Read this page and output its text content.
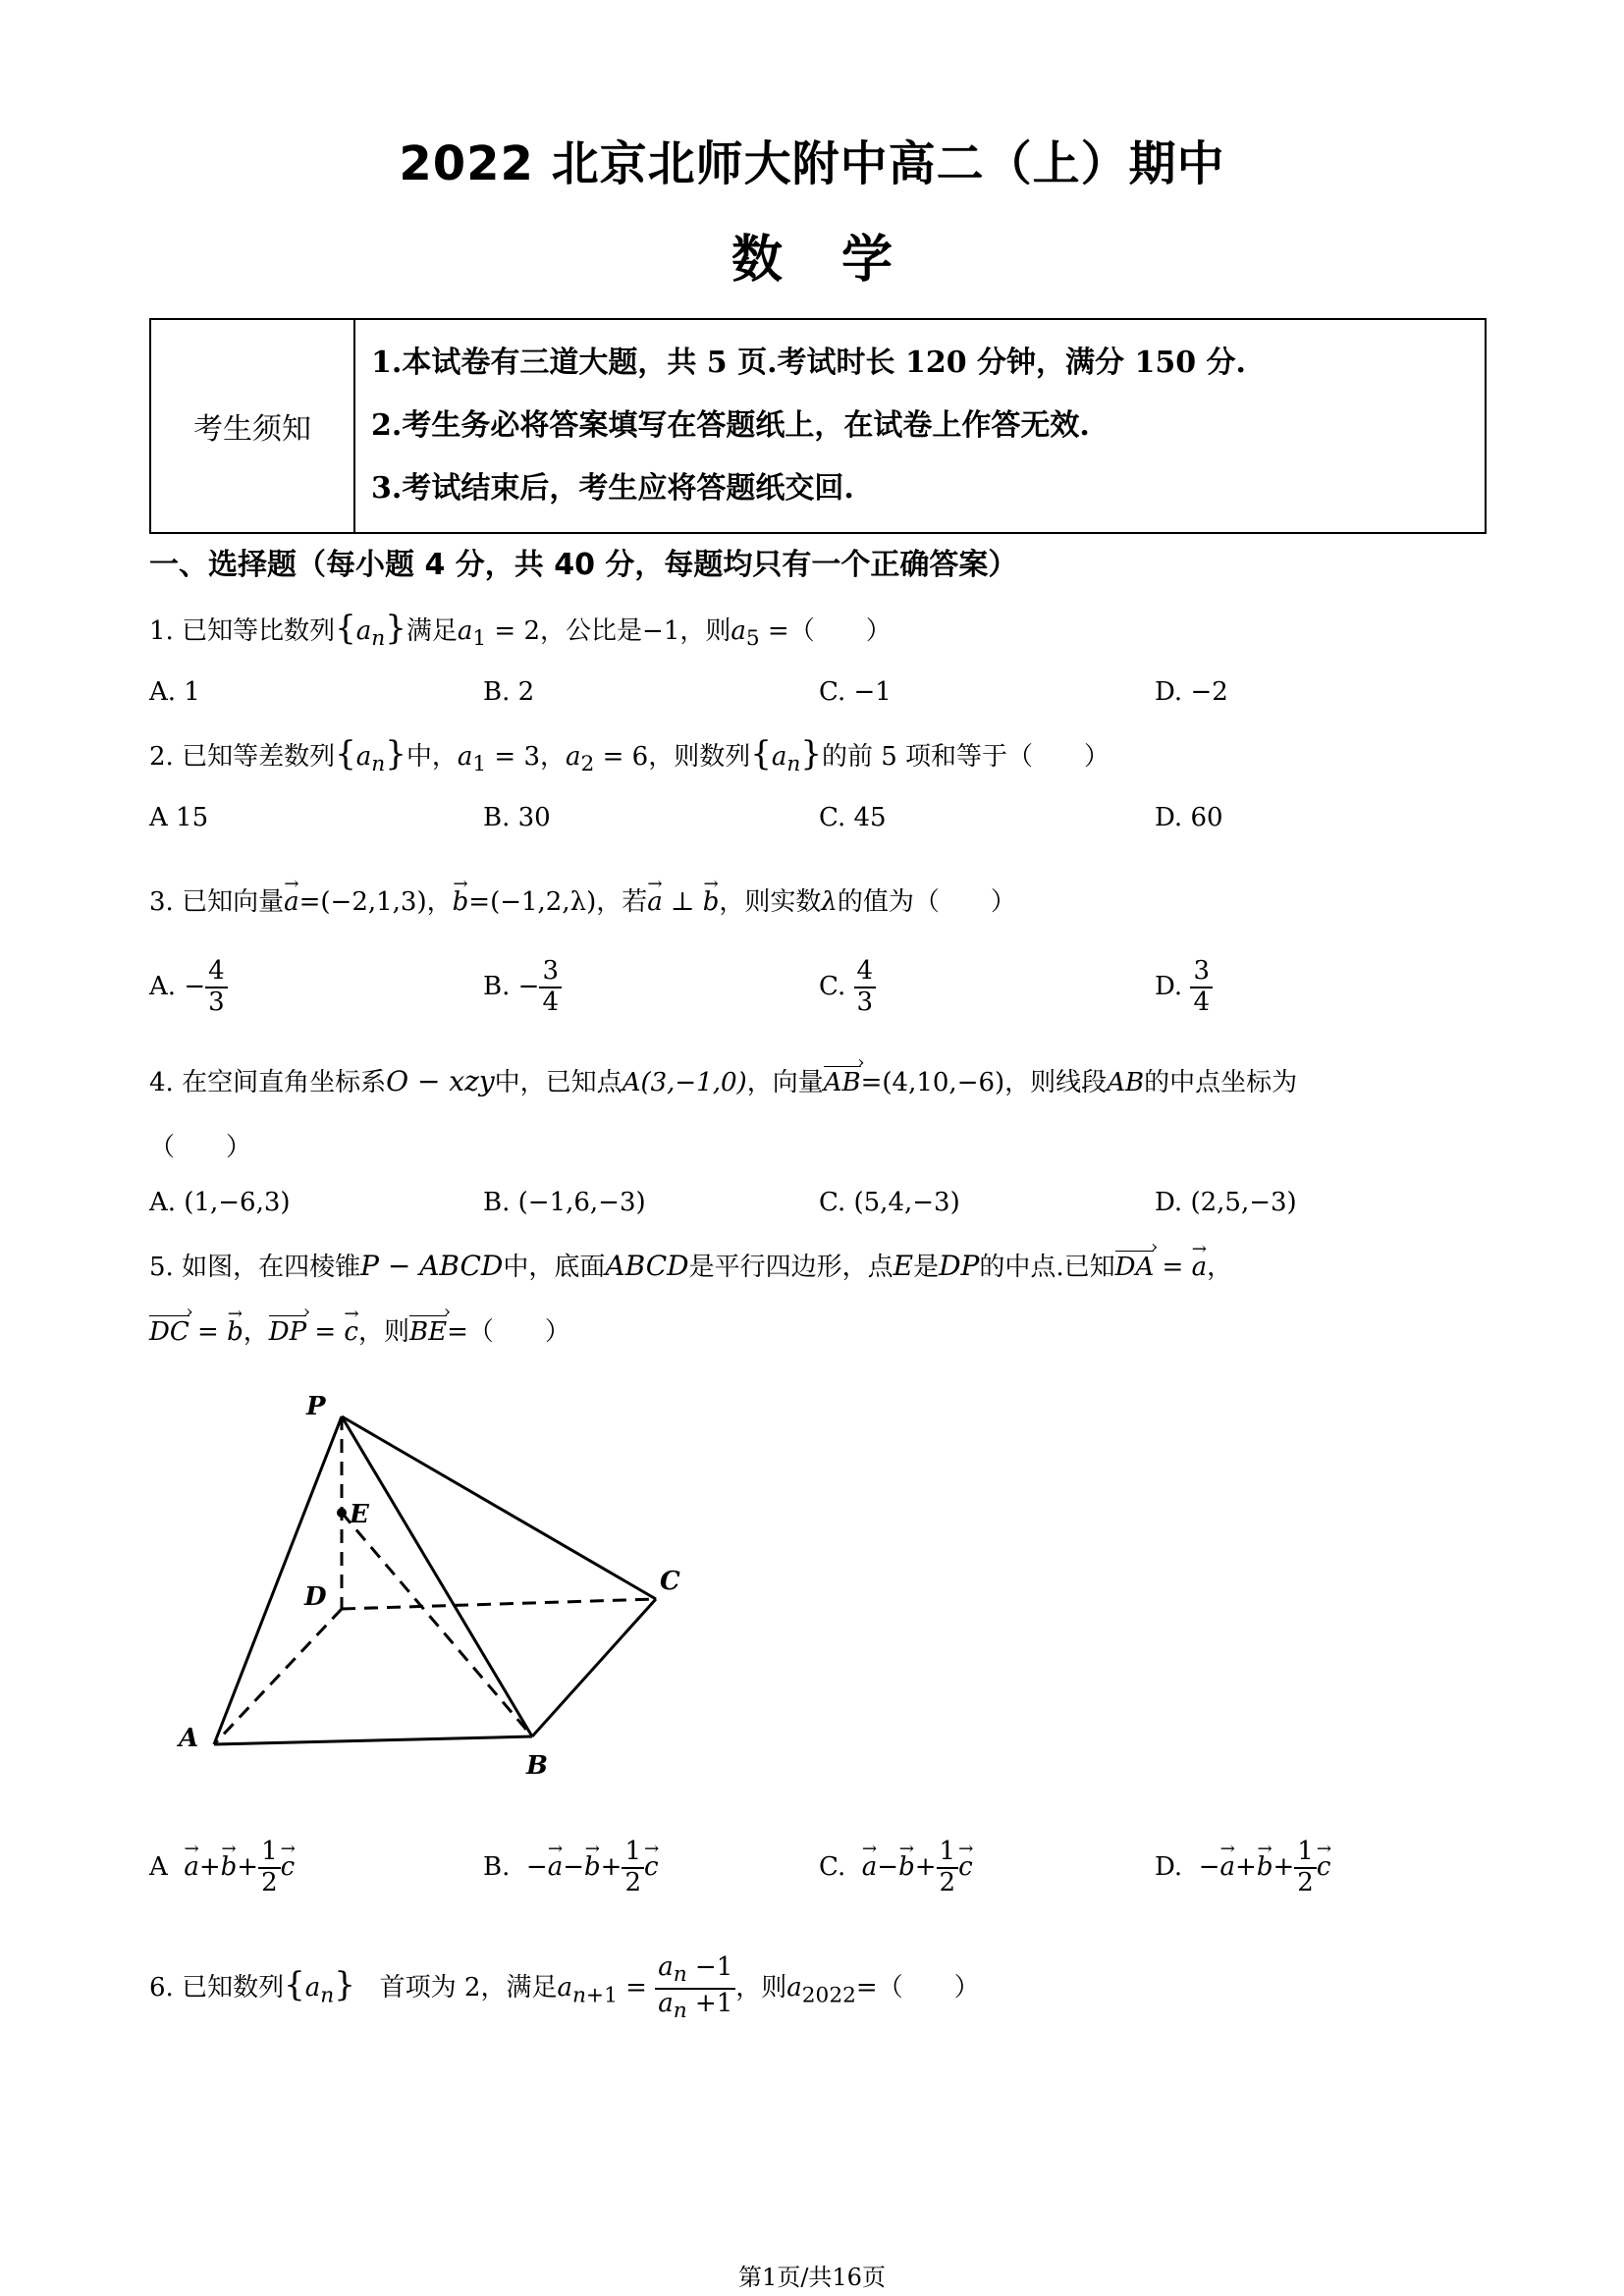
2022 北京北师大附中高二（上）期中
数学
考生须知	
1.本试卷有三道大题，共 5 页.考试时长 120 分钟，满分 150 分.
2.考生务必将答案填写在答题纸上，在试卷上作答无效.
3.考试结束后，考生应将答题纸交回.
一、选择题（每小题 4 分，共 40 分，每题均只有一个正确答案）
1. 已知等比数列$\{a_n\}$满足$a_1 = 2$，公比是−1，则$a_5$ =（　　）
A. 1	B. 2	C. −1	D. −2
2. 已知等差数列$\{a_n\}$中，$a_1 = 3$，$a_2 = 6$，则数列$\{a_n\}$的前 5 项和等于（　　）
A 15	B. 30	C. 45	D. 60
3. 已知向量→ a=(−2,1,3)，→ b=(−1,2,λ)，若→ a ⊥ → b，则实数λ的值为（　　）
A. − $\frac{4}{3}$	B. − $\frac{3}{4}$	C. $\frac{4}{3}$	D. $\frac{3}{4}$
4. 在空间直角坐标系O − xzy中，已知点A(3,−1,0)，向量AB ›=(4,10,−6)，则线段AB的中点坐标为
（　　）
A. (1,−6,3)	B. (−1,6,−3)	C. (5,4,−3)	D. (2,5,−3)
5. 如图，在四棱锥P − ABCD中，底面ABCD是平行四边形，点E是DP的中点.已知DA › = → a，
DC › = → b，DP › = → c，则BE ›=（　　）
P
E
D
C
A
B
$A \to a+\to b+ \frac{1}{2}$
→ c	B.  −→ $a-\to b+ \frac{1}{2}$
→ c	C.  → $a-\to b+ \frac{1}{2}$
→ c	D.  −→ $a+\to b+ \frac{1}{2}$
→ c
6. 已知数列$\{a_n\}$ 首项为 2，满足$a_{n+1} = \frac{a_n -1}{a_n +1}$ ，则$a_{2022}=$（　　）
第1页/共16页
